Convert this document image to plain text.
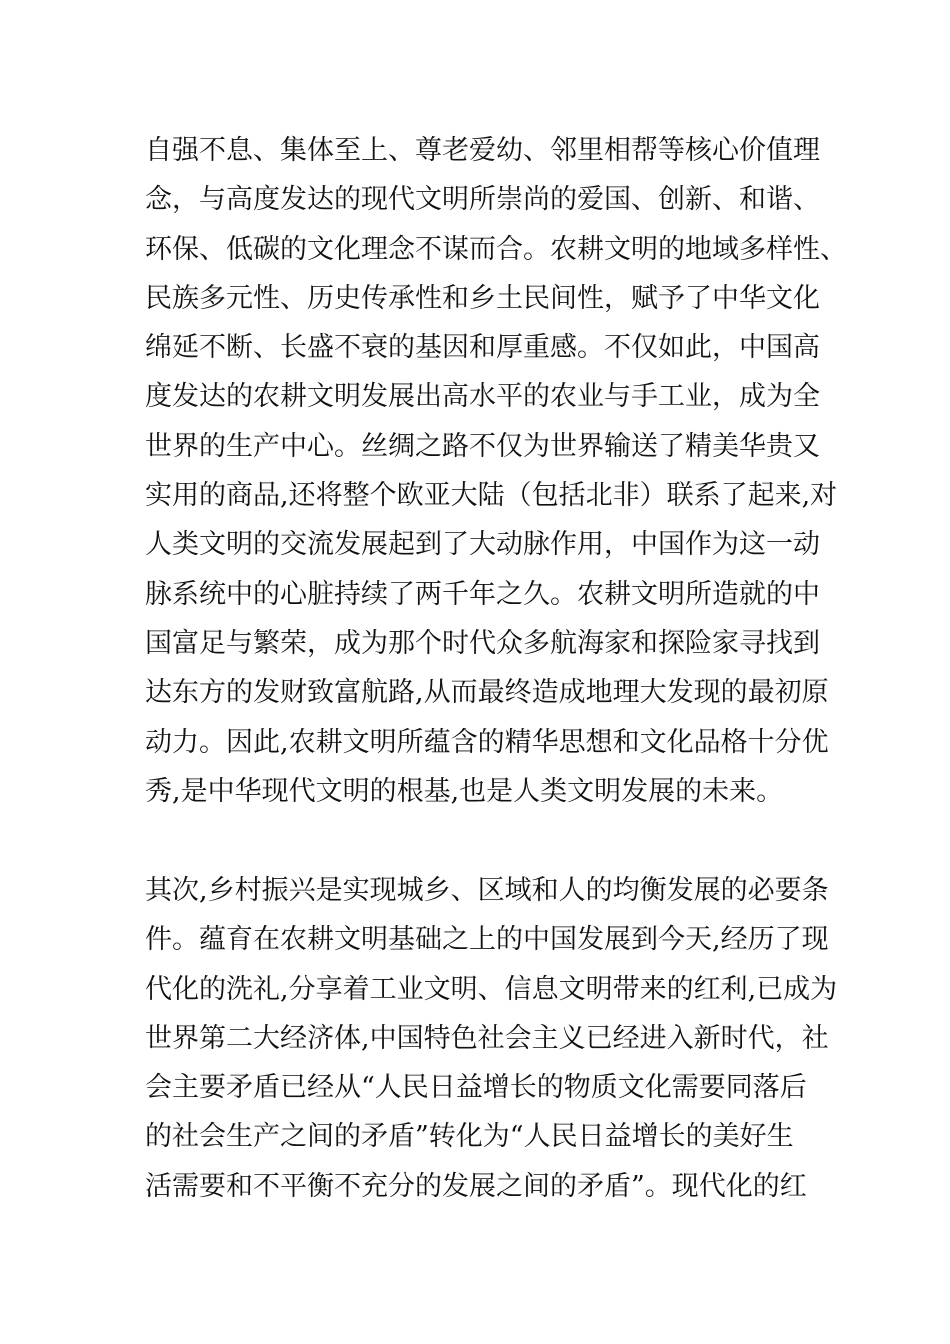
自强不息、集体至上、尊老爱幼、邻里相帮等核心价值理
念，与高度发达的现代文明所崇尚的爱国、创新、和谐、
环保、低碳的文化理念不谋而合。农耕文明的地域多样性、
民族多元性、历史传承性和乡土民间性，赋予了中华文化
绵延不断、长盛不衰的基因和厚重感。不仅如此，中国高
度发达的农耕文明发展出高水平的农业与手工业，成为全
世界的生产中心。丝绸之路不仅为世界输送了精美华贵又
实用的商品,还将整个欧亚大陆（包括北非）联系了起来,对
人类文明的交流发展起到了大动脉作用，中国作为这一动
脉系统中的心脏持续了两千年之久。农耕文明所造就的中
国富足与繁荣，成为那个时代众多航海家和探险家寻找到
达东方的发财致富航路,从而最终造成地理大发现的最初原
动力。因此,农耕文明所蕴含的精华思想和文化品格十分优
秀,是中华现代文明的根基,也是人类文明发展的未来。
其次,乡村振兴是实现城乡、区域和人的均衡发展的必要条
件。蕴育在农耕文明基础之上的中国发展到今天,经历了现
代化的洗礼,分享着工业文明、信息文明带来的红利,已成为
世界第二大经济体,中国特色社会主义已经进入新时代，社
会主要矛盾已经从“人民日益增长的物质文化需要同落后
的社会生产之间的矛盾”转化为“人民日益增长的美好生
活需要和不平衡不充分的发展之间的矛盾”。现代化的红
